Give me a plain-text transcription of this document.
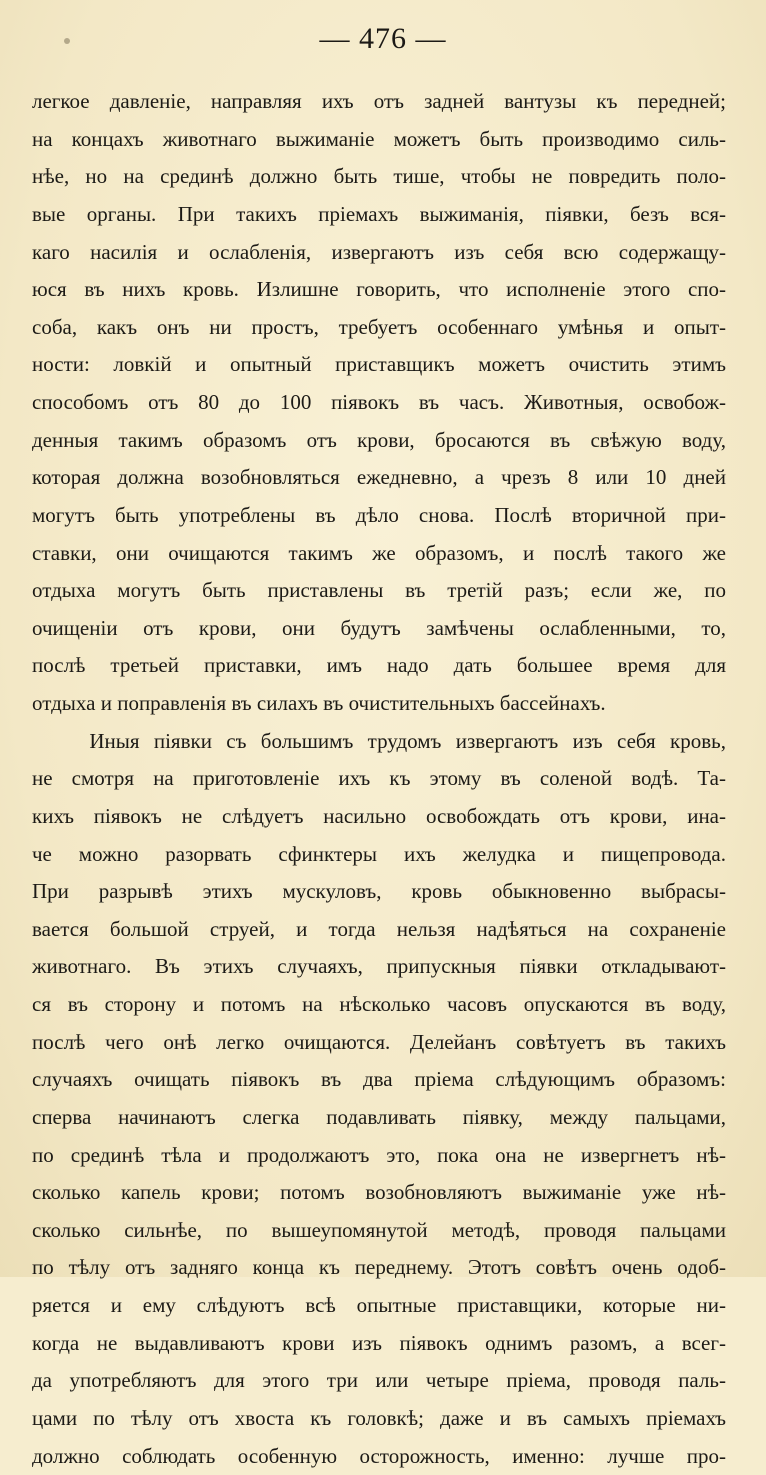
— 476 —
легкое давленіе, направляя ихъ отъ задней вантузы къ передней;
на концахъ животнаго выжиманіе можетъ быть производимо силь-
нѣе, но на срединѣ должно быть тише, чтобы не повредить поло-
вые органы. При такихъ пріемахъ выжиманія, піявки, безъ вся-
каго насилія и ослабленія, извергаютъ изъ себя всю содержащу-
юся въ нихъ кровь. Излишне говорить, что исполненіе этого спо-
соба, какъ онъ ни простъ, требуетъ особеннаго умѣнья и опыт-
ности: ловкій и опытный приставщикъ можетъ очистить этимъ
способомъ отъ 80 до 100 піявокъ въ часъ. Животныя, освобож-
денныя такимъ образомъ отъ крови, бросаются въ свѣжую воду,
которая должна возобновляться ежедневно, а чрезъ 8 или 10 дней
могутъ быть употреблены въ дѣло снова. Послѣ вторичной при-
ставки, они очищаются такимъ же образомъ, и послѣ такого же
отдыха могутъ быть приставлены въ третій разъ; если же, по
очищеніи отъ крови, они будутъ замѣчены ослабленными, то,
послѣ третьей приставки, имъ надо дать большее время для
отдыха и поправленія въ силахъ въ очистительныхъ бассейнахъ.
Иныя піявки съ большимъ трудомъ извергаютъ изъ себя кровь,
не смотря на приготовленіе ихъ къ этому въ соленой водѣ. Та-
кихъ піявокъ не слѣдуетъ насильно освобождать отъ крови, ина-
че можно разорвать сфинктеры ихъ желудка и пищепровода.
При разрывѣ этихъ мускуловъ, кровь обыкновенно выбрасы-
вается большой струей, и тогда нельзя надѣяться на сохраненіе
животнаго. Въ этихъ случаяхъ, припускныя піявки откладывают-
ся въ сторону и потомъ на нѣсколько часовъ опускаются въ воду,
послѣ чего онѣ легко очищаются. Делейанъ совѣтуетъ въ такихъ
случаяхъ очищать піявокъ въ два пріема слѣдующимъ образомъ:
сперва начинаютъ слегка подавливать піявку, между пальцами,
по срединѣ тѣла и продолжаютъ это, пока она не извергнетъ нѣ-
сколько капель крови; потомъ возобновляютъ выжиманіе уже нѣ-
сколько сильнѣе, по вышеупомянутой методѣ, проводя пальцами
по тѣлу отъ задняго конца къ переднему. Этотъ совѣтъ очень одоб-
ряется и ему слѣдуютъ всѣ опытные приставщики, которые ни-
когда не выдавливаютъ крови изъ піявокъ однимъ разомъ, а всег-
да употребляютъ для этого три или четыре пріема, проводя паль-
цами по тѣлу отъ хвоста къ головкѣ; даже и въ самыхъ пріемахъ
должно соблюдать особенную осторожность, именно: лучше про-
